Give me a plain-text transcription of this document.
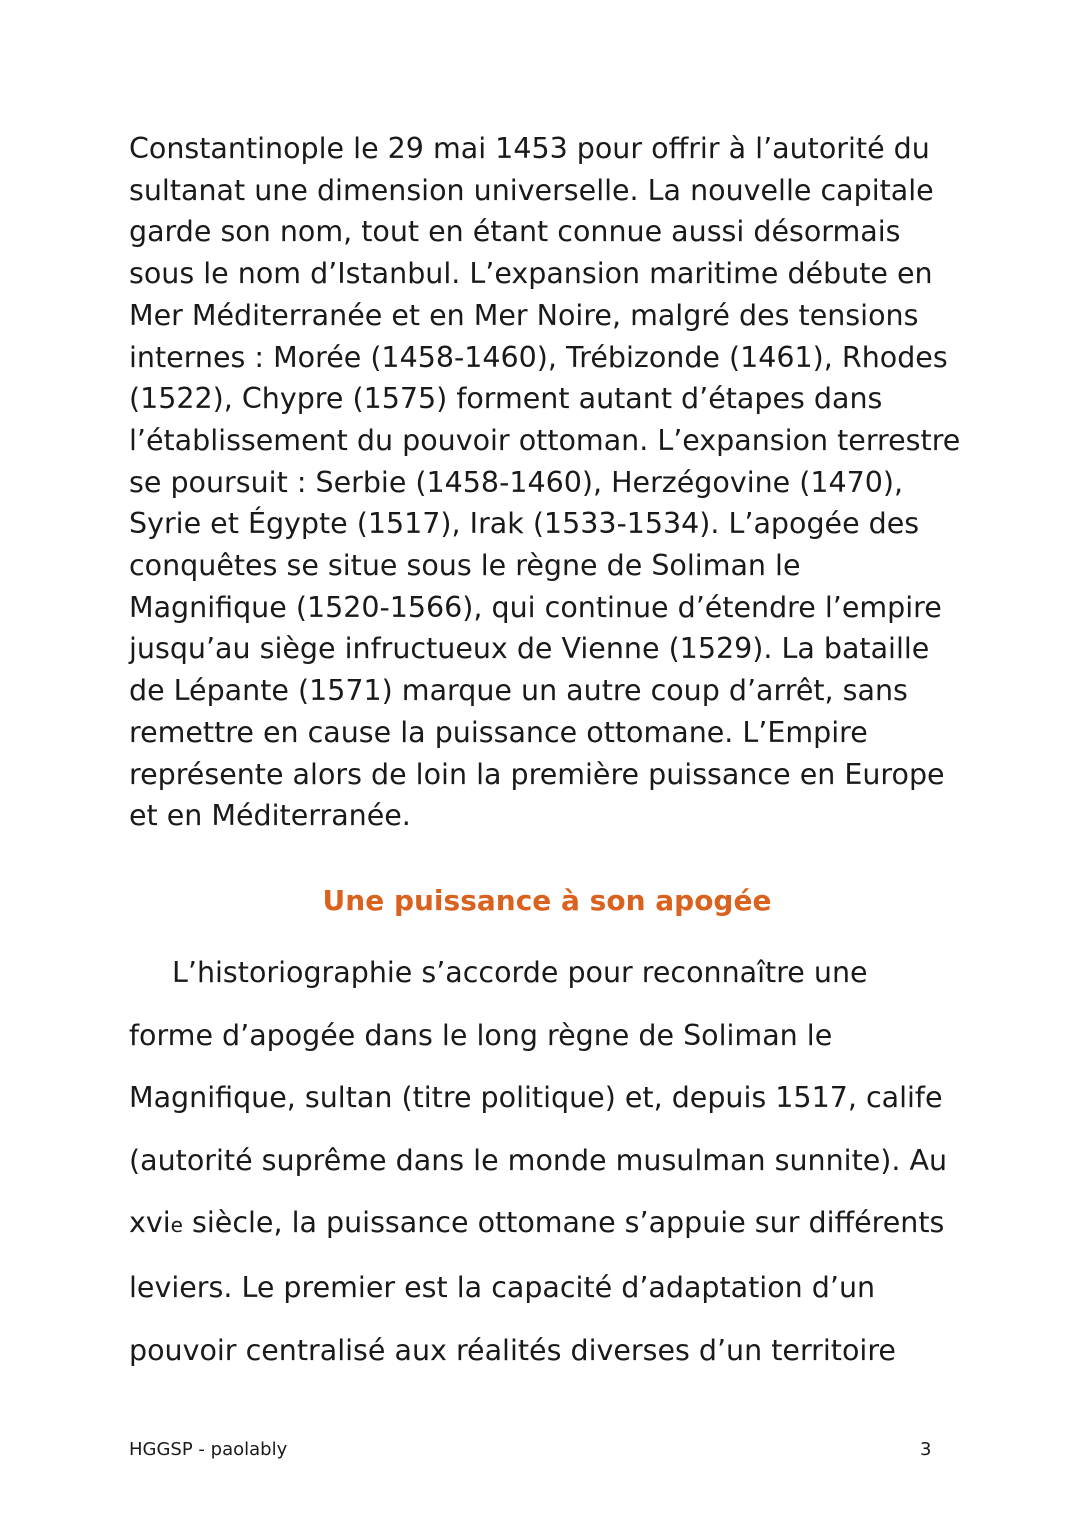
Constantinople le 29 mai 1453 pour offrir à l’autorité du
sultanat une dimension universelle. La nouvelle capitale
garde son nom, tout en étant connue aussi désormais
sous le nom d’Istanbul. L’expansion maritime débute en
Mer Méditerranée et en Mer Noire, malgré des tensions
internes : Morée (1458-1460), Trébizonde (1461), Rhodes
(1522), Chypre (1575) forment autant d’étapes dans
l’établissement du pouvoir ottoman. L’expansion terrestre
se poursuit : Serbie (1458-1460), Herzégovine (1470),
Syrie et Égypte (1517), Irak (1533-1534). L’apogée des
conquêtes se situe sous le règne de Soliman le
Magnifique (1520-1566), qui continue d’étendre l’empire
jusqu’au siège infructueux de Vienne (1529). La bataille
de Lépante (1571) marque un autre coup d’arrêt, sans
remettre en cause la puissance ottomane. L’Empire
représente alors de loin la première puissance en Europe
et en Méditerranée.

Une puissance à son apogée

L’historiographie s’accorde pour reconnaître une
forme d’apogée dans le long règne de Soliman le
Magnifique, sultan (titre politique) et, depuis 1517, calife
(autorité suprême dans le monde musulman sunnite). Au
xvie siècle, la puissance ottomane s’appuie sur différents
leviers. Le premier est la capacité d’adaptation d’un
pouvoir centralisé aux réalités diverses d’un territoire

HGGSP - paolably	3
